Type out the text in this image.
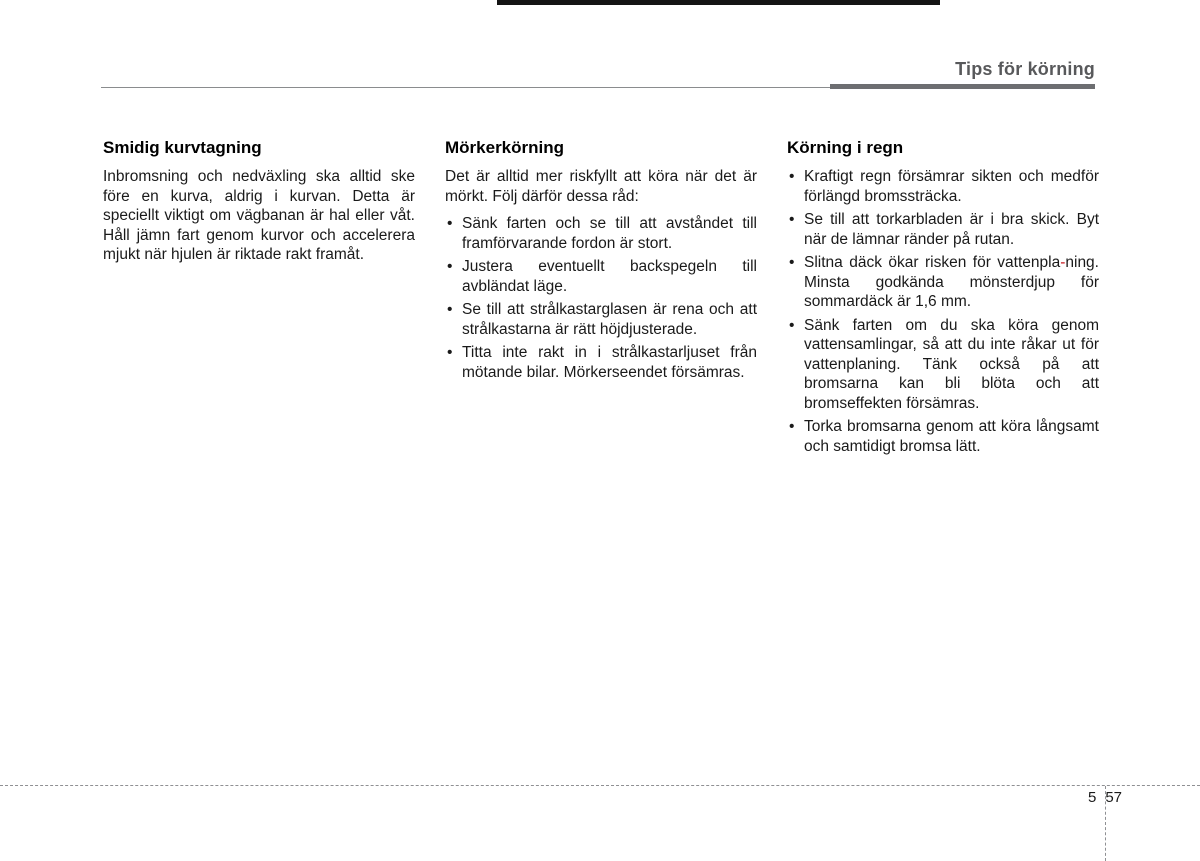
Tips för körning
Smidig kurvtagning

Inbromsning och nedväxling ska alltid ske före en kurva, aldrig i kurvan. Detta är speciellt viktigt om vägbanan är hal eller våt. Håll jämn fart genom kurvor och accelerera mjukt när hjulen är riktade rakt framåt.

Mörkerkörning

Det är alltid mer riskfyllt att köra när det är mörkt. Följ därför dessa råd:

• Sänk farten och se till att avståndet till framförvarande fordon är stort.
• Justera eventuellt backspegeln till avbländat läge.
• Se till att strålkastarglasen är rena och att strålkastarna är rätt höjdjusterade.
• Titta inte rakt in i strålkastarljuset från mötande bilar. Mörkerseendet försämras.
Körning i regn
• Kraftigt regn försämrar sikten och medför förlängd bromssträcka.
• Se till att torkarbladen är i bra skick. Byt när de lämnar ränder på rutan.
• Slitna däck ökar risken för vattenpla-ning. Minsta godkända mönsterdjup för sommardäck är 1,6 mm.
• Sänk farten om du ska köra genom vattensamlingar, så att du inte råkar ut för vattenplaning. Tänk också på att bromsarna kan bli blöta och att bromseffekten försämras.
• Torka bromsarna genom att köra långsamt och samtidigt bromsa lätt.
5 57
